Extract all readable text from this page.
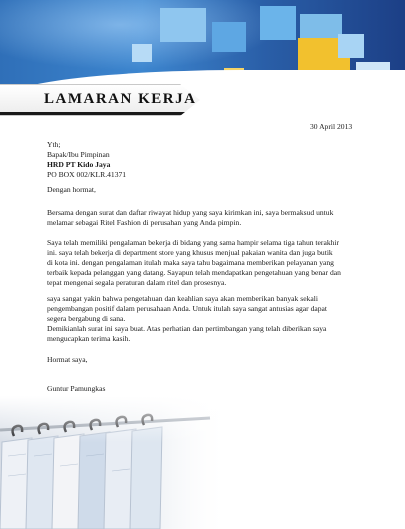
LAMARAN KERJA
30 April 2013
Yth;
Bapak/Ibu Pimpinan
HRD PT Kido Jaya
PO BOX 002/KLR.41371
Dengan hormat,
Bersama dengan surat dan daftar riwayat hidup yang saya kirimkan ini, saya bermaksud untuk
melamar sebagai Ritel Fashion di perusahan yang Anda pimpin.
Saya telah memiliki pengalaman bekerja di bidang yang sama hampir selama tiga tahun terakhir
ini. saya telah bekerja di department store yang khusus menjual pakaian wanita dan juga butik
di kota ini. dengan pengalaman itulah maka saya tahu bagaimana memberikan pelayanan yang
terbaik kepada pelanggan yang datang. Sayapun telah mendapatkan pengetahuan yang benar dan
tepat mengenai segala peraturan dalam ritel dan prosesnya.
saya sangat yakin bahwa pengetahuan dan keahlian saya akan memberikan banyak sekali
pengembangan positif dalam perusahaan Anda. Untuk itulah saya sangat antusias agar dapat
segera bergabung di sana.
Demikianlah surat ini saya buat. Atas perhatian dan pertimbangan yang telah diberikan saya
mengucapkan terima kasih.
Hormat saya,
Guntur Pamungkas
